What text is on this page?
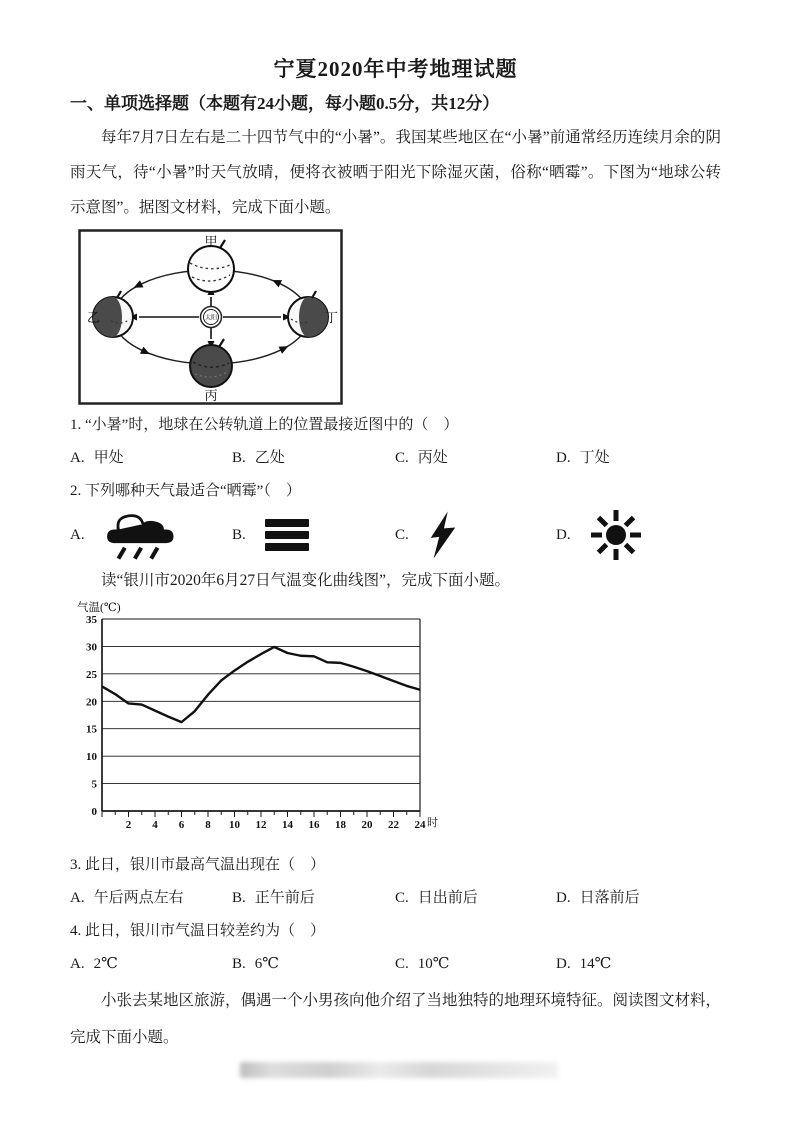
宁夏2020年中考地理试题
一、单项选择题（本题有24小题，每小题0.5分，共12分）

每年7月7日左右是二十四节气中的“小暑”。我国某些地区在“小暑”前通常经历连续月余的阴雨天气，待“小暑”时天气放晴，便将衣被晒于阳光下除湿灭菌，俗称“晒霉”。下图为“地球公转示意图”。据图文材料，完成下面小题。

太阳
甲
乙
丙
丁

1. “小暑”时，地球在公转轨道上的位置最接近图中的（　）

A. 甲处	B. 乙处	C. 丙处	D. 丁处

2. 下列哪种天气最适合“晒霉”（　）

A.	B.	C.	D.

读“银川市2020年6月27日气温变化曲线图”，完成下面小题。

0
5
10
15
20
25
30
35
2 4 6 8 10 12 14 16 18 20 22 24 时
气温(℃)

3. 此日，银川市最高气温出现在（　）

A. 午后两点左右	B. 正午前后	C. 日出前后	D. 日落前后

4. 此日，银川市气温日较差约为（　）

A. 2℃	B. 6℃	C. 10℃	D. 14℃

小张去某地区旅游，偶遇一个小男孩向他介绍了当地独特的地理环境特征。阅读图文材料，完成下面小题。
